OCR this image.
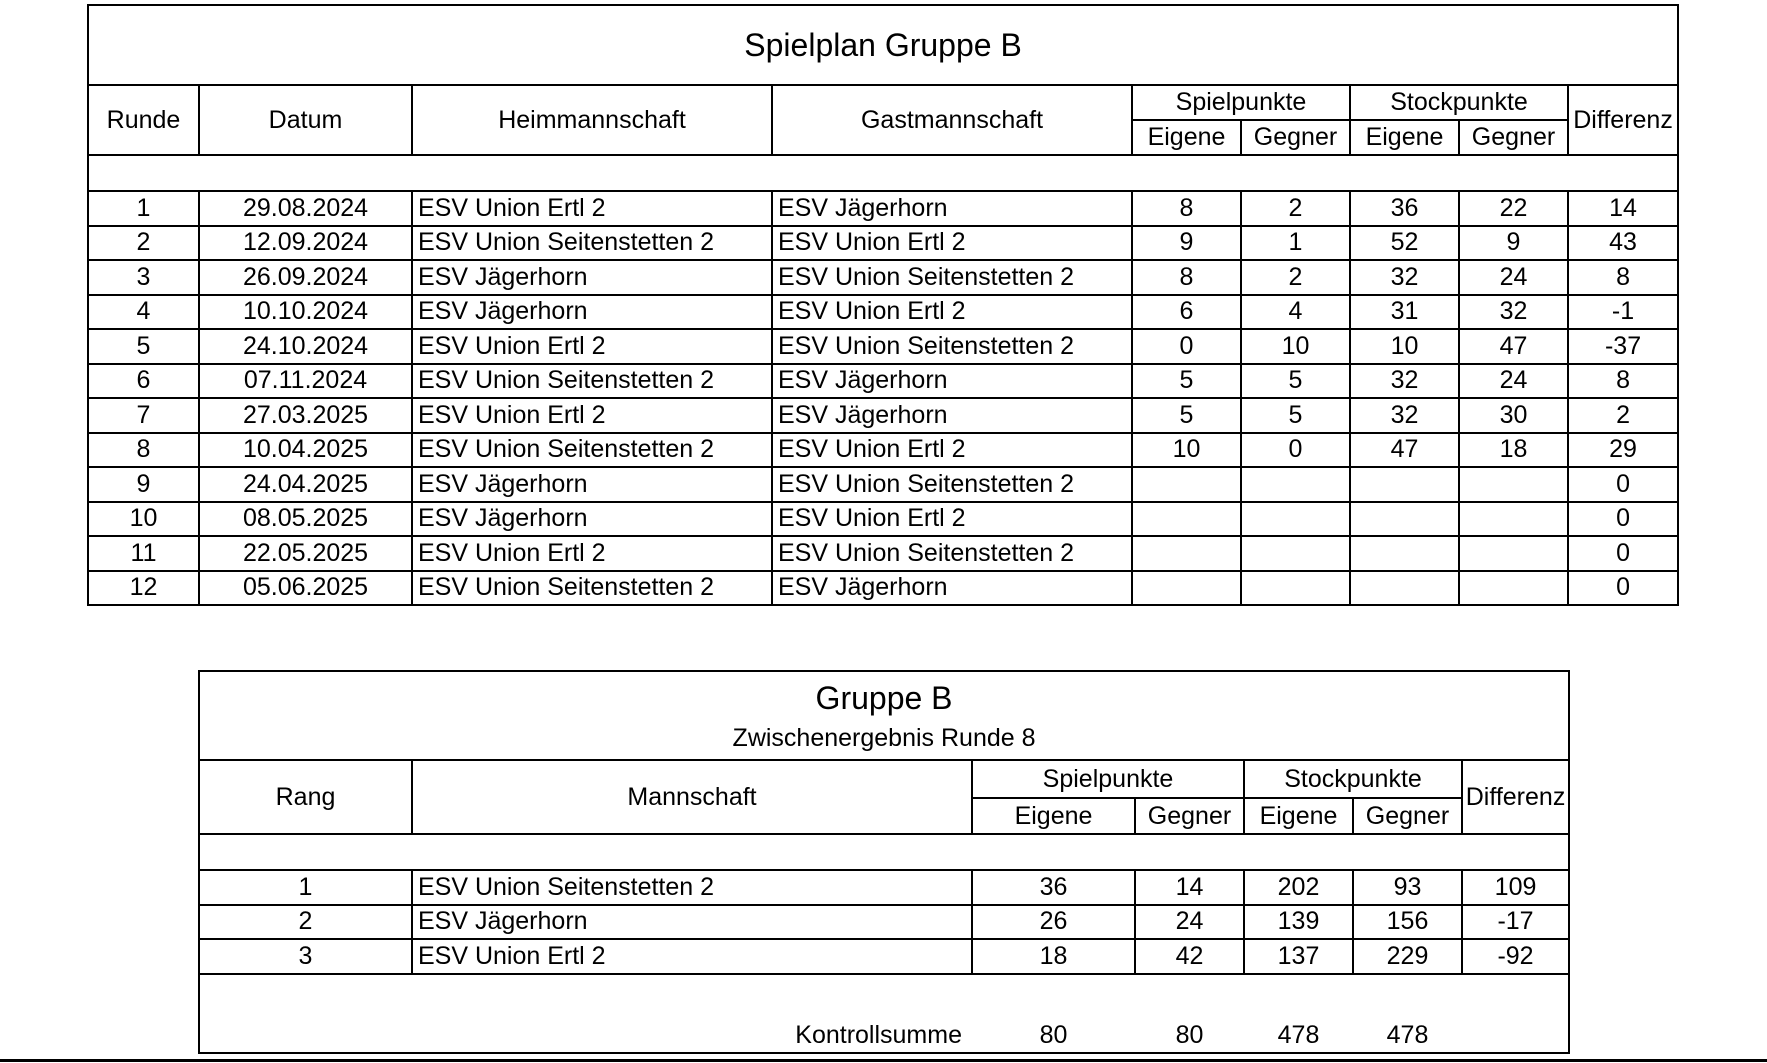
Spielplan Gruppe B								
Runde	Datum	Heimmannschaft	Gastmannschaft	Spielpunkte		Stockpunkte		Differenz
				Eigene	Gegner	Eigene	Gegner	

1	29.08.2024	ESV Union Ertl 2	ESV Jägerhorn	8	2	36	22	14
2	12.09.2024	ESV Union Seitenstetten 2	ESV Union Ertl 2	9	1	52	9	43
3	26.09.2024	ESV Jägerhorn	ESV Union Seitenstetten 2	8	2	32	24	8
4	10.10.2024	ESV Jägerhorn	ESV Union Ertl 2	6	4	31	32	-1
5	24.10.2024	ESV Union Ertl 2	ESV Union Seitenstetten 2	0	10	10	47	-37
6	07.11.2024	ESV Union Seitenstetten 2	ESV Jägerhorn	5	5	32	24	8
7	27.03.2025	ESV Union Ertl 2	ESV Jägerhorn	5	5	32	30	2
8	10.04.2025	ESV Union Seitenstetten 2	ESV Union Ertl 2	10	0	47	18	29
9	24.04.2025	ESV Jägerhorn	ESV Union Seitenstetten 2					0
10	08.05.2025	ESV Jägerhorn	ESV Union Ertl 2					0
11	22.05.2025	ESV Union Ertl 2	ESV Union Seitenstetten 2					0
12	05.06.2025	ESV Union Seitenstetten 2	ESV Jägerhorn					0
Gruppe B						
Zwischenergebnis Runde 8						
Rang	Mannschaft	Spielpunkte		Stockpunkte		Differenz
		Eigene	Gegner	Eigene	Gegner	

1	ESV Union Seitenstetten 2	36	14	202	93	109
2	ESV Jägerhorn	26	24	139	156	-17
3	ESV Union Ertl 2	18	42	137	229	-92

Kontrollsumme		80	80	478	478	
